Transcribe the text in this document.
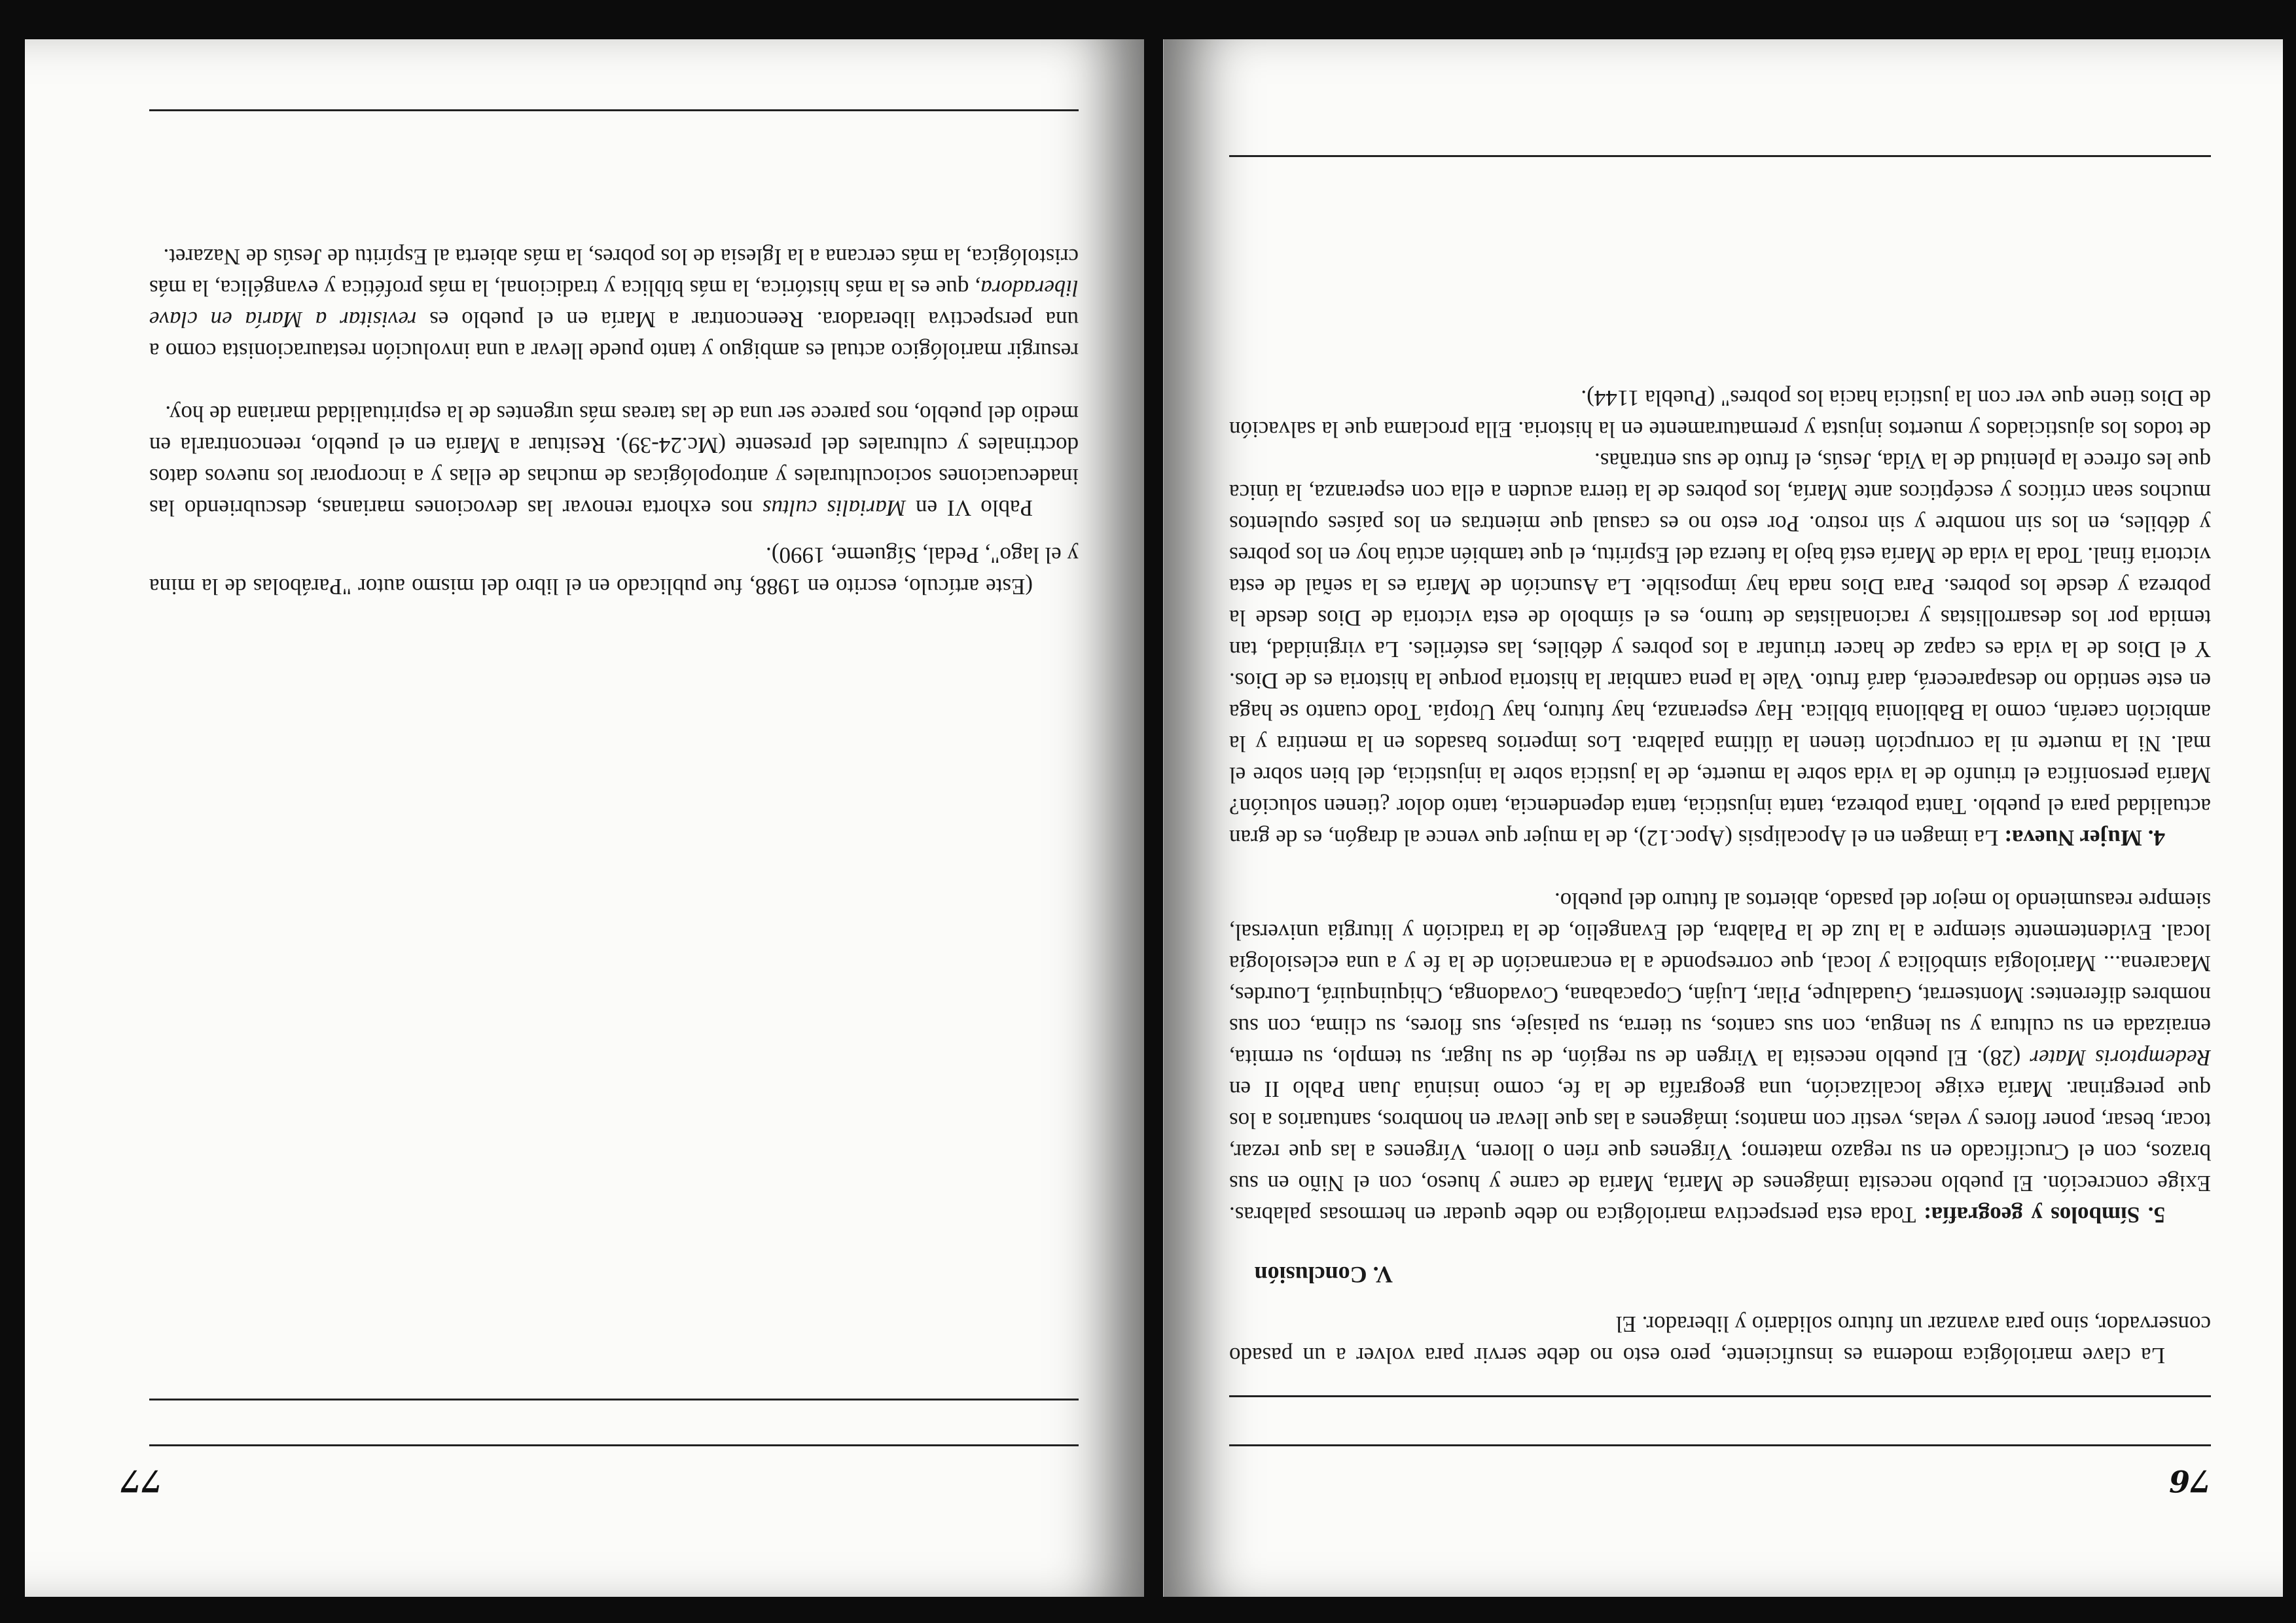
76

La clave mariológica moderna es insuficiente, pero esto no debe servir para volver a un pasado conservador, sino para avanzar un futuro solidario y liberador. El

V. Conclusión

5. Símbolos y geografía: Toda esta perspectiva mariológica no debe quedar en hermosas palabras. Exige concreción. El pueblo necesita imágenes de María, María de carne y hueso, con el Niño en sus brazos, con el Crucificado en su regazo materno; Vírgenes que ríen o lloren, Vírgenes a las que rezar, tocar, besar, poner flores y velas, vestir con mantos; imágenes a las que llevar en hombros, santuarios a los que peregrinar. María exige localización, una geografía de la fe, como insinúa Juan Pablo II en Redemptoris Mater (28). El pueblo necesita la Virgen de su región, de su lugar, su templo, su ermita, enraizada en su cultura y su lengua, con sus cantos, su tierra, su paisaje, sus flores, su clima, con sus nombres diferentes: Montserrat, Guadalupe, Pilar, Luján, Copacabana, Covadonga, Chiquinquirá, Lourdes, Macarena... Mariología simbólica y local, que corresponde a la encarnación de la fe y a una eclesiología local. Evidentemente siempre a la luz de la Palabra, del Evangelio, de la tradición y liturgia universal, siempre reasumiendo lo mejor del pasado, abiertos al futuro del pueblo.

4. Mujer Nueva: La imagen en el Apocalipsis (Apoc.12), de la mujer que vence al dragón, es de gran actualidad para el pueblo. Tanta pobreza, tanta injusticia, tanta dependencia, tanto dolor ¿tienen solución? María personifica el triunfo de la vida sobre la muerte, de la justicia sobre la injusticia, del bien sobre el mal. Ni la muerte ni la corrupción tienen la última palabra. Los imperios basados en la mentira y la ambición caerán, como la Babilonia bíblica. Hay esperanza, hay futuro, hay Utopía. Todo cuanto se haga en este sentido no desaparecerá, dará fruto. Vale la pena cambiar la historia porque la historia es de Dios. Y el Dios de la vida es capaz de hacer triunfar a los pobres y débiles, las estériles. La virginidad, tan temida por los desarrollistas y racionalistas de turno, es el símbolo de esta victoria de Dios desde la pobreza y desde los pobres. Para Dios nada hay imposible. La Asunción de María es la señal de esta victoria final. Toda la vida de María está bajo la fuerza del Espíritu, el que también actúa hoy en los pobres y débiles, en los sin nombre y sin rostro. Por esto no es casual que mientras en los países opulentos muchos sean críticos y escépticos ante María, los pobres de la tierra acuden a ella con esperanza, la única que les ofrece la plenitud de la Vida, Jesús, el fruto de sus entrañas.

de todos los ajusticiados y muertos injusta y prematuramente en la historia. Ella proclama que la salvación de Dios tiene que ver con la justicia hacia los pobres" (Puebla 1144).

77

(Este artículo, escrito en 1988, fue publicado en el libro del mismo autor "Parábolas de la mina y el lago", Pedal, Sígueme, 1990).

Pablo VI en Marialis cultus nos exhorta renovar las devociones marianas, descubriendo las inadecuaciones socioculturales y antropológicas de muchas de ellas y a incorporar los nuevos datos doctrinales y culturales del presente (Mc.24-39). Resituar a María en el pueblo, reencontrarla en medio del pueblo, nos parece ser una de las tareas más urgentes de la espiritualidad mariana de hoy.

resurgir mariológico actual es ambiguo y tanto puede llevar a una involución restauracionista como a una perspectiva liberadora. Reencontrar a María en el pueblo es revisitar a María en clave liberadora, que es la más histórica, la más bíblica y tradicional, la más profética y evangélica, la más cristológica, la más cercana a la Iglesia de los pobres, la más abierta al Espíritu de Jesús de Nazaret.
